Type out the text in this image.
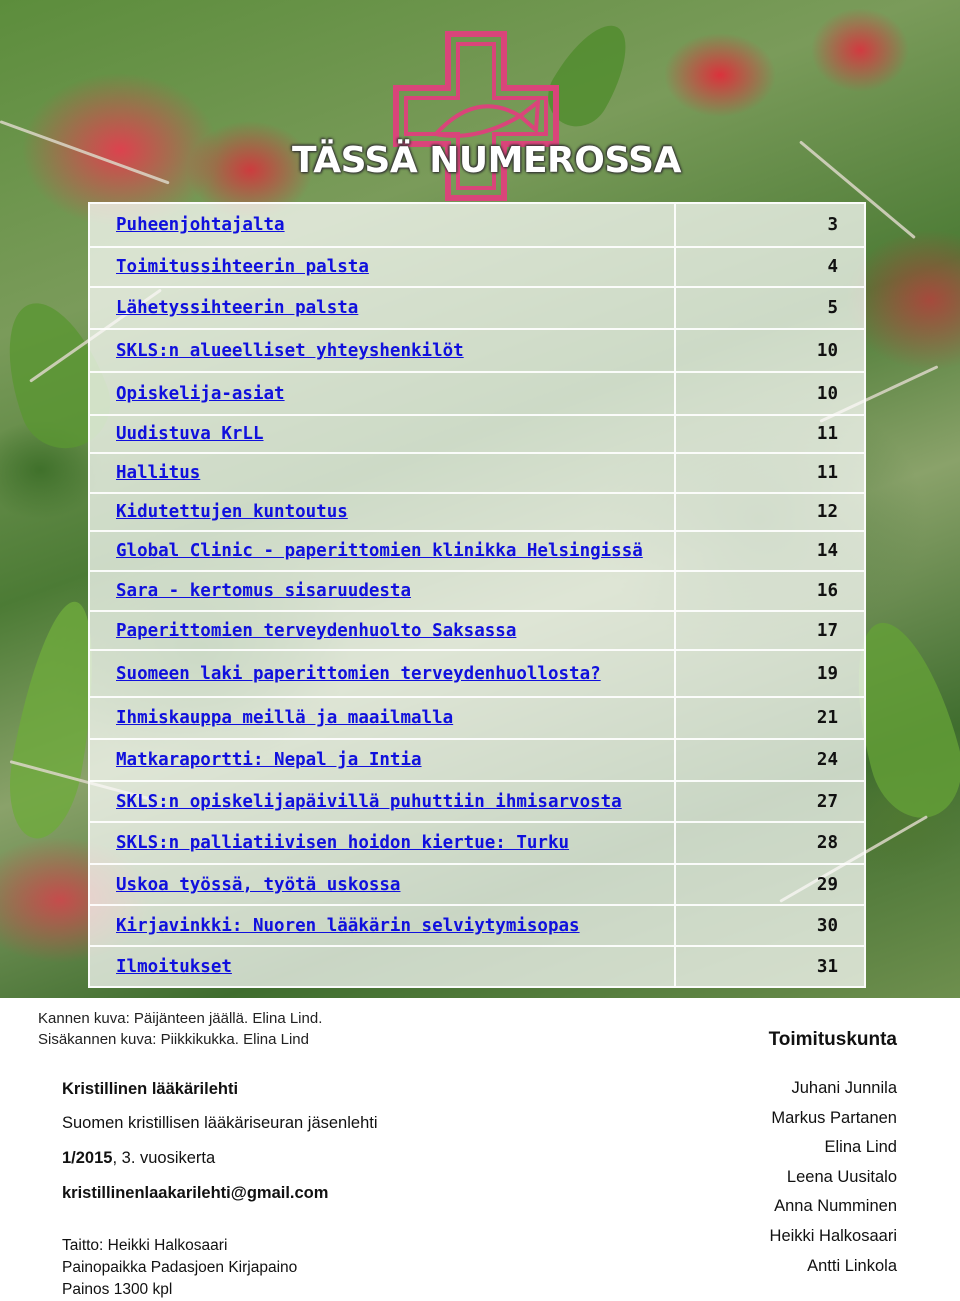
TÄSSÄ NUMEROSSA
Puheenjohtajalta	3
Toimitussihteerin palsta	4
Lähetyssihteerin palsta	5
SKLS:n alueelliset yhteyshenkilöt	10
Opiskelija-asiat	10
Uudistuva KrLL	11
Hallitus	11
Kidutettujen kuntoutus	12
Global Clinic - paperittomien klinikka Helsingissä	14
Sara - kertomus sisaruudesta	16
Paperittomien terveydenhuolto Saksassa	17
Suomeen laki paperittomien terveydenhuollosta?	19
Ihmiskauppa meillä ja maailmalla	21
Matkaraportti: Nepal ja Intia	24
SKLS:n opiskelijapäivillä puhuttiin ihmisarvosta	27
SKLS:n palliatiivisen hoidon kiertue: Turku	28
Uskoa työssä, työtä uskossa	29
Kirjavinkki: Nuoren lääkärin selviytymisopas	30
Ilmoitukset	31
Kannen kuva: Päijänteen jäällä. Elina Lind.
Sisäkannen kuva: Piikkikukka. Elina Lind
Kristillinen lääkärilehti
Suomen kristillisen lääkäriseuran jäsenlehti
1/2015, 3. vuosikerta
kristillinenlaakarilehti@gmail.com
Taitto: Heikki Halkosaari
Painopaikka Padasjoen Kirjapaino
Painos 1300 kpl
Toimituskunta
Juhani Junnila
Markus Partanen
Elina Lind
Leena Uusitalo
Anna Numminen
Heikki Halkosaari
Antti Linkola
